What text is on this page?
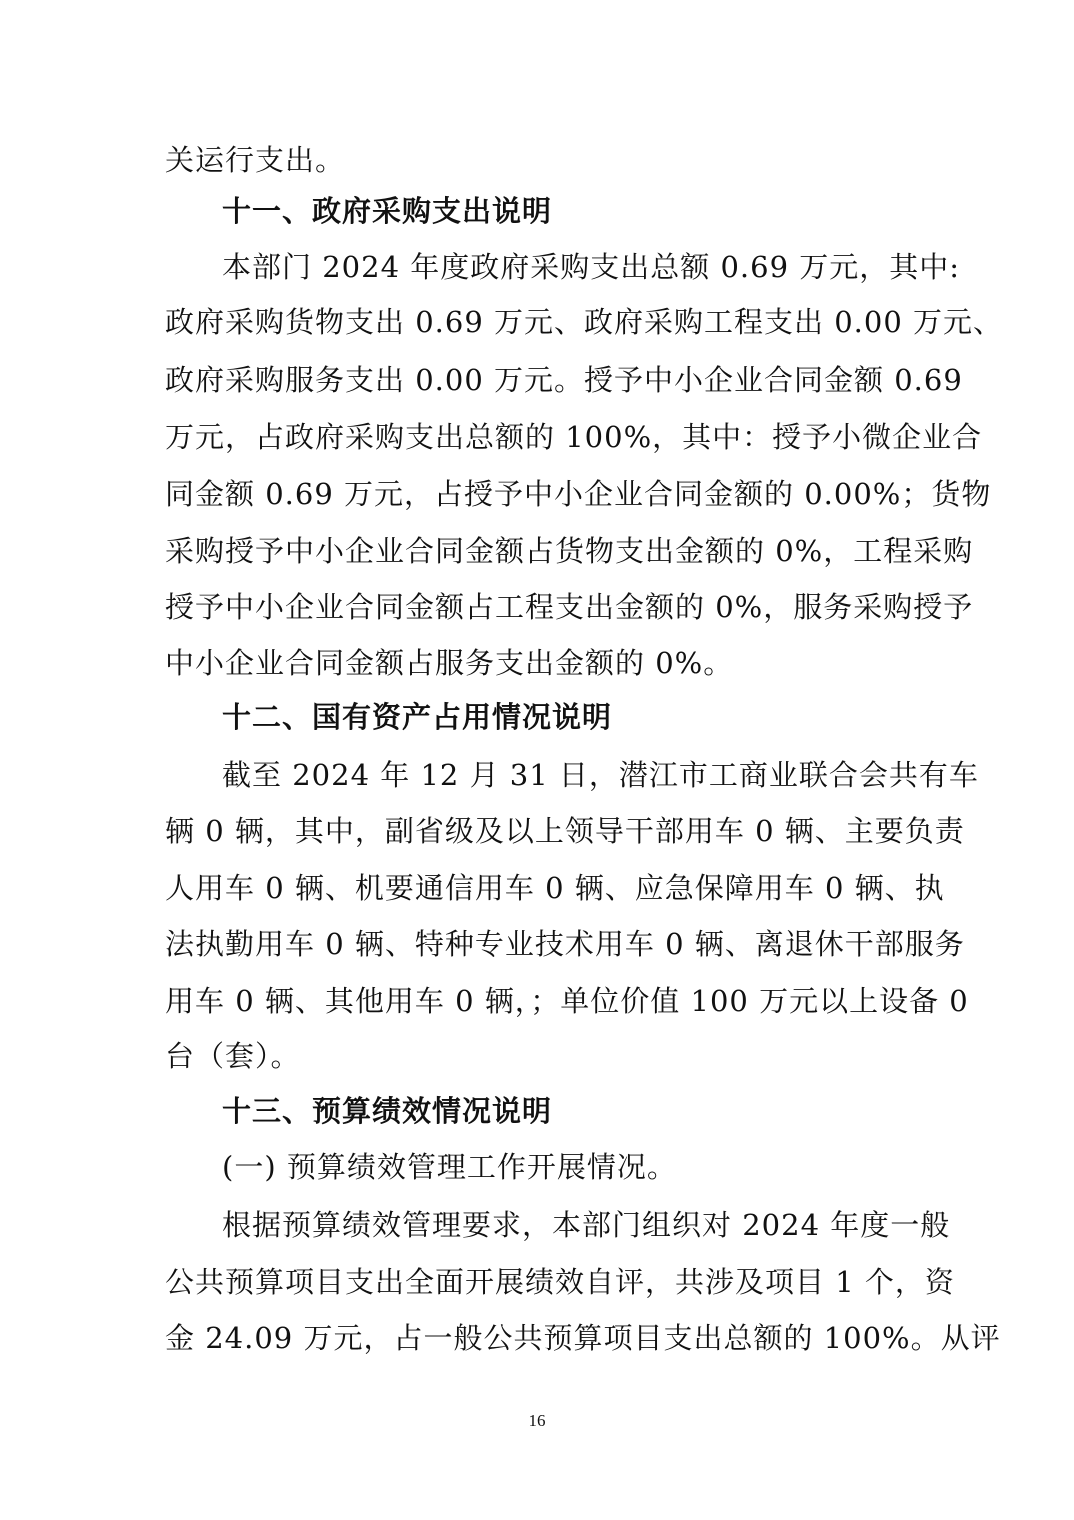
关运行支出。
十一、政府采购支出说明
本部门 2024 年度政府采购支出总额 0.69 万元，其中:
政府采购货物支出 0.69 万元、政府采购工程支出 0.00 万元、
政府采购服务支出 0.00 万元。授予中小企业合同金额 0.69
万元，占政府采购支出总额的 100%，其中：授予小微企业合
同金额 0.69 万元，占授予中小企业合同金额的 0.00%；货物
采购授予中小企业合同金额占货物支出金额的 0%，工程采购
授予中小企业合同金额占工程支出金额的 0%，服务采购授予
中小企业合同金额占服务支出金额的 0%。
十二、国有资产占用情况说明
截至 2024 年 12 月 31 日，潜江市工商业联合会共有车
辆 0 辆，其中，副省级及以上领导干部用车 0 辆、主要负责
人用车 0 辆、机要通信用车 0 辆、应急保障用车 0 辆、执
法执勤用车 0 辆、特种专业技术用车 0 辆、离退休干部服务
用车 0 辆、其他用车 0 辆，；单位价值 100 万元以上设备 0
台（套）。
十三、预算绩效情况说明
(一) 预算绩效管理工作开展情况。
根据预算绩效管理要求，本部门组织对 2024 年度一般
公共预算项目支出全面开展绩效自评，共涉及项目 1 个，资
金 24.09 万元，占一般公共预算项目支出总额的 100%。从评
16
